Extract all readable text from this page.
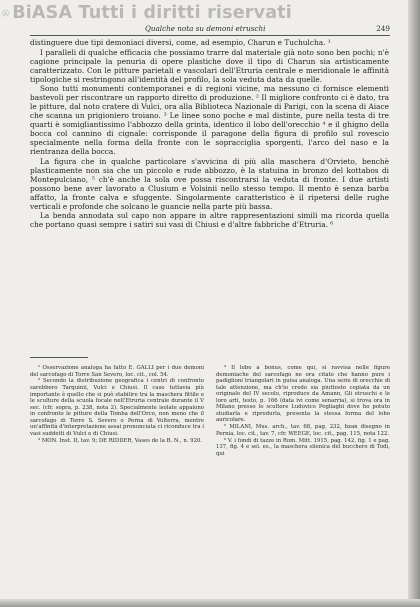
BiASA Tutti i diritti riservati
Qualche nota su demoni etruschi	249

distinguere due tipi demoniaci diversi, come, ad esempio, Charun e Tuchulcha. ¹

I paralleli di qualche efficacia che possiamo trarre dal materiale già noto sono ben pochi; n'è cagione principale la penuria di opere plastiche dove il tipo di Charun sia artisticamente caratterizzato. Con le pitture parietali e vascolari dell'Etruria centrale e meridionale le affinità tipologiche si restringono all'identità del profilo, la sola veduta data da quelle.

Sono tutti monumenti contemporanei e di regioni vicine, ma nessuno ci fornisce elementi bastevoli per riscontrare un rapporto diretto di produzione. ² Il migliore confronto ci è dato, tra le pitture, dal noto cratere di Vulci, ora alla Biblioteca Nazionale di Parigi, con la scena di Aiace che scanna un prigioniero troiano. ³ Le linee sono poche e mal distinte, pure nella testa di tre quarti è somigliantissimo l'abbozzo della grinta, identico il lobo dell'orecchio ⁴ e il ghigno della bocca col cannino di cignale: corrisponde il paragone della figura di profilo sul rovescio specialmente nella forma della fronte con le sopracciglia sporgenti, l'arco del naso e la rientranza della bocca.

La figura che in qualche particolare s'avvicina di più alla maschera d'Orvieto, benchè plasticamente non sia che un piccolo e rude abbozzo, è la statuina in bronzo del kottabos di Montepulciano, ⁵ ch'è anche la sola ove possa riscontrarsi la veduta di fronte. I due artisti possono bene aver lavorato a Clusium e Volsinii nello stesso tempo. Il mento è senza barba affatto, la fronte calva e sfuggente. Singolarmente caratteristico è il ripetersi delle rughe verticali e profonde che solcano le guancie nella parte più bassa.

La benda annodata sul capo non appare in altre rappresentazioni simili ma ricorda quella che portano quasi sempre i satiri sui vasi di Chiusi e d'altre fabbriche d'Etruria. ⁶

¹ Osservazione analoga ha fatto E. GALLI per i due demoni del sarcofago di Torre San Severo, loc. cit., col. 54.

² Secondo la distribuzione geografica i centri di confronto sarebbero Tarquinii, Vulci e Chiusi. Il caso tuttavia più importante è quello che si può stabilire tra la maschera fittile e le sculture della scuola focale nell'Etruria centrale durante il V sec. (cfr. sopra, p. 238, nota 2). Specialmente isolate appaiono in confronto le pitture della Tomba dell'Orco, non meno che il sarcofago di Torre S. Severo o Perna di Volterra, mentre un'affinità d'interpretazione assai pronunciata ci riconduce tra i vasi suddetti di Vulci e di Chiusi.

³ MON. Inst. II, tav. 9; DE RIDDER, Vases de la B. N., n. 920.

⁴ Il lobo a bonus, come qui, si ravvisa nelle figure demoniache del sarcofago ne ora citato che hanno pure i padiglioni triangolari in guisa analoga. Una serie di orecchie di tale attenzione, ma ch'io credo sia piuttosto copiata da un originale del IV secolo, riproduce da Amann, Gli etruschi e le loro arti, testo, p. 166 (data ivi come senarria), si trova ora in Milano presso lo scultore Ludovico Pogliaghi dove ho potuto studiarla e riprodurla, presenta la stessa forma del lobo auricolare.

⁵ MILANI, Mus. arch., tav. 68, pag. 232, bzan disegno in Pernia, loc. cit., tav. 7, cfr. WEEGE, loc. cit., pag. 115, nota 122.

⁶ V. i fondi di tazze in Rom. Mitt. 1915, pag. 142, fig. 1 e pag. 137, fig. 4 e sel. es., la maschera silenica del bucchero di Todi, qui
